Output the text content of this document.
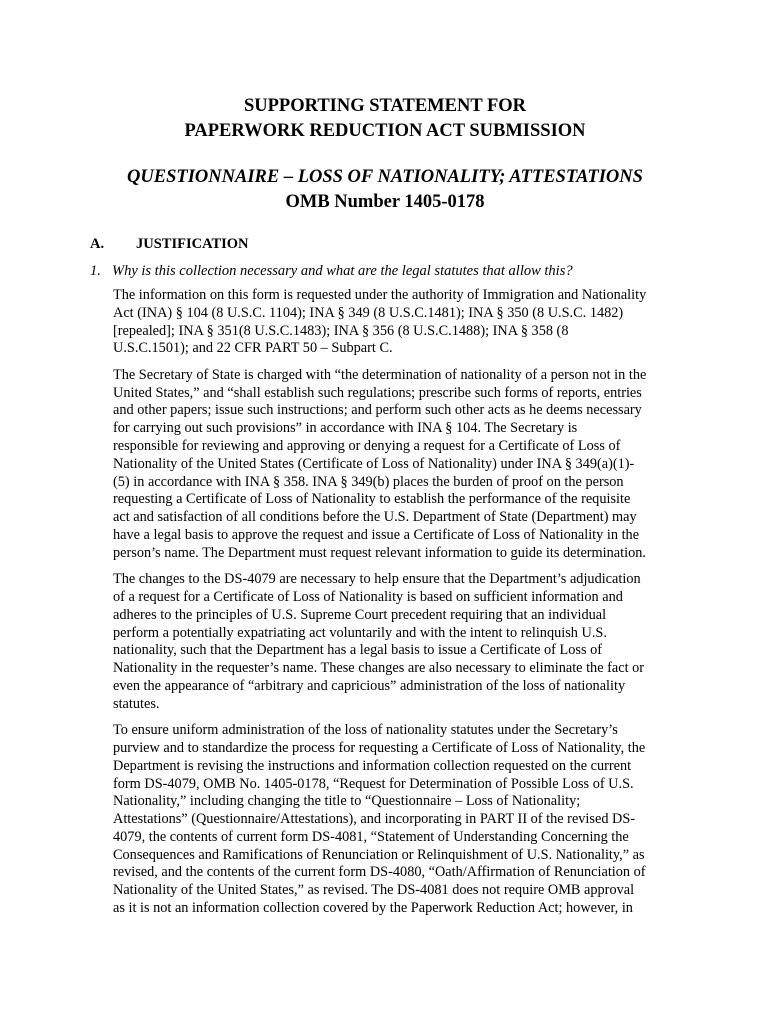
SUPPORTING STATEMENT FOR
PAPERWORK REDUCTION ACT SUBMISSION
QUESTIONNAIRE – LOSS OF NATIONALITY; ATTESTATIONS
OMB Number 1405-0178
A. JUSTIFICATION
1. Why is this collection necessary and what are the legal statutes that allow this?
The information on this form is requested under the authority of Immigration and Nationality
Act (INA) § 104 (8 U.S.C. 1104); INA § 349 (8 U.S.C.1481); INA § 350 (8 U.S.C. 1482)
[repealed]; INA § 351(8 U.S.C.1483); INA § 356 (8 U.S.C.1488); INA § 358 (8
U.S.C.1501); and 22 CFR PART 50 – Subpart C.
The Secretary of State is charged with “the determination of nationality of a person not in the
United States,” and “shall establish such regulations; prescribe such forms of reports, entries
and other papers; issue such instructions; and perform such other acts as he deems necessary
for carrying out such provisions” in accordance with INA § 104. The Secretary is
responsible for reviewing and approving or denying a request for a Certificate of Loss of
Nationality of the United States (Certificate of Loss of Nationality) under INA § 349(a)(1)-
(5) in accordance with INA § 358. INA § 349(b) places the burden of proof on the person
requesting a Certificate of Loss of Nationality to establish the performance of the requisite
act and satisfaction of all conditions before the U.S. Department of State (Department) may
have a legal basis to approve the request and issue a Certificate of Loss of Nationality in the
person’s name. The Department must request relevant information to guide its determination.
The changes to the DS-4079 are necessary to help ensure that the Department’s adjudication
of a request for a Certificate of Loss of Nationality is based on sufficient information and
adheres to the principles of U.S. Supreme Court precedent requiring that an individual
perform a potentially expatriating act voluntarily and with the intent to relinquish U.S.
nationality, such that the Department has a legal basis to issue a Certificate of Loss of
Nationality in the requester’s name. These changes are also necessary to eliminate the fact or
even the appearance of “arbitrary and capricious” administration of the loss of nationality
statutes.
To ensure uniform administration of the loss of nationality statutes under the Secretary’s
purview and to standardize the process for requesting a Certificate of Loss of Nationality, the
Department is revising the instructions and information collection requested on the current
form DS-4079, OMB No. 1405-0178, “Request for Determination of Possible Loss of U.S.
Nationality,” including changing the title to “Questionnaire – Loss of Nationality;
Attestations” (Questionnaire/Attestations), and incorporating in PART II of the revised DS-
4079, the contents of current form DS-4081, “Statement of Understanding Concerning the
Consequences and Ramifications of Renunciation or Relinquishment of U.S. Nationality,” as
revised, and the contents of the current form DS-4080, “Oath/Affirmation of Renunciation of
Nationality of the United States,” as revised. The DS-4081 does not require OMB approval
as it is not an information collection covered by the Paperwork Reduction Act; however, in
